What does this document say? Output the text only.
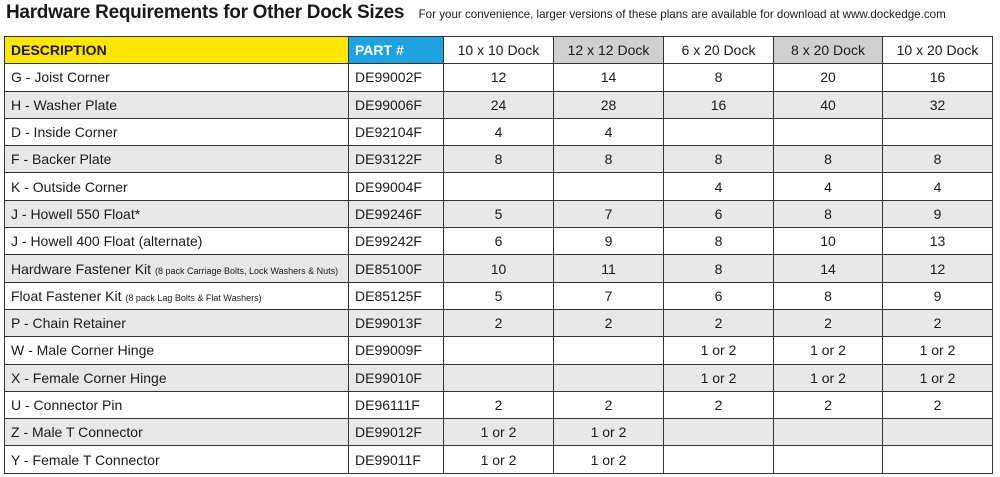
Hardware Requirements for Other Dock Sizes For your convenience, larger versions of these plans are available for download at www.dockedge.com
DESCRIPTION	PART #	10 x 10 Dock	12 x 12 Dock	6 x 20 Dock	8 x 20 Dock	10 x 20 Dock
G - Joist Corner	DE99002F	12	14	8	20	16
H - Washer Plate	DE99006F	24	28	16	40	32
D - Inside Corner	DE92104F	4	4			
F - Backer Plate	DE93122F	8	8	8	8	8
K - Outside Corner	DE99004F			4	4	4
J - Howell 550 Float*	DE99246F	5	7	6	8	9
J - Howell 400 Float (alternate)	DE99242F	6	9	8	10	13
Hardware Fastener Kit (8 pack Carriage Bolts, Lock Washers & Nuts)	DE85100F	10	11	8	14	12
Float Fastener Kit (8 pack Lag Bolts & Flat Washers)	DE85125F	5	7	6	8	9
P - Chain Retainer	DE99013F	2	2	2	2	2
W - Male Corner Hinge	DE99009F			1 or 2	1 or 2	1 or 2
X - Female Corner Hinge	DE99010F			1 or 2	1 or 2	1 or 2
U - Connector Pin	DE96111F	2	2	2	2	2
Z - Male T Connector	DE99012F	1 or 2	1 or 2			
Y - Female T Connector	DE99011F	1 or 2	1 or 2			
